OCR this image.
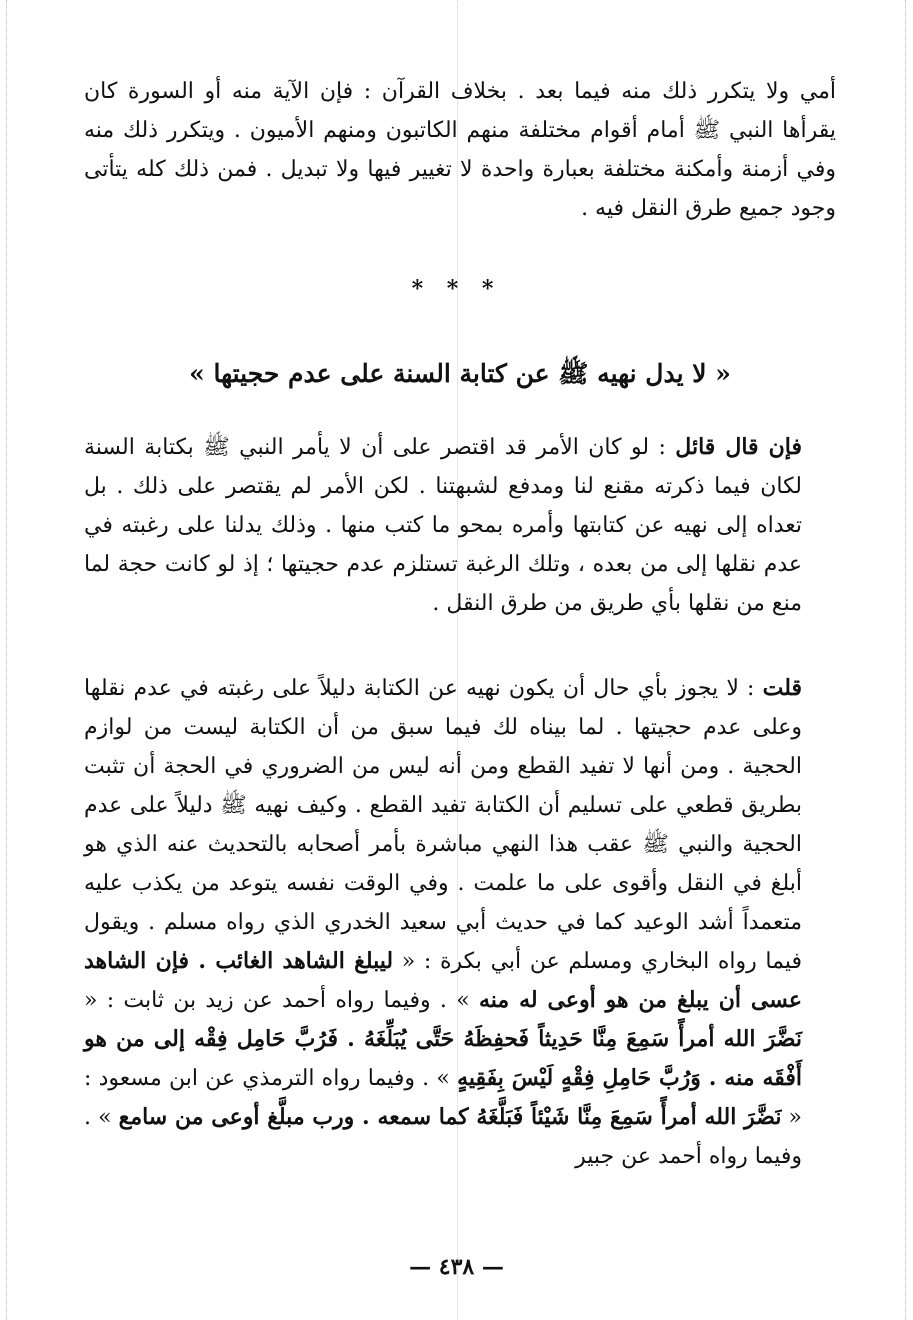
أمي ولا يتكرر ذلك منه فيما بعد . بخلاف القرآن : فإن الآية منه أو السورة كان يقرأها النبي ﷺ أمام أقوام مختلفة منهم الكاتبون ومنهم الأميون . ويتكرر ذلك منه وفي أزمنة وأمكنة مختلفة بعبارة واحدة لا تغيير فيها ولا تبديل . فمن ذلك كله يتأتى وجود جميع طرق النقل فيه .

* * *
« لا يدل نهيه ﷺ عن كتابة السنة على عدم حجيتها »

فإن قال قائل : لو كان الأمر قد اقتصر على أن لا يأمر النبي ﷺ بكتابة السنة لكان فيما ذكرته مقنع لنا ومدفع لشبهتنا . لكن الأمر لم يقتصر على ذلك . بل تعداه إلى نهيه عن كتابتها وأمره بمحو ما كتب منها . وذلك يدلنا على رغبته في عدم نقلها إلى من بعده ، وتلك الرغبة تستلزم عدم حجيتها ؛ إذ لو كانت حجة لما منع من نقلها بأي طريق من طرق النقل .

قلت : لا يجوز بأي حال أن يكون نهيه عن الكتابة دليلاً على رغبته في عدم نقلها وعلى عدم حجيتها . لما بيناه لك فيما سبق من أن الكتابة ليست من لوازم الحجية . ومن أنها لا تفيد القطع ومن أنه ليس من الضروري في الحجة أن تثبت بطريق قطعي على تسليم أن الكتابة تفيد القطع . وكيف نهيه ﷺ دليلاً على عدم الحجية والنبي ﷺ عقب هذا النهي مباشرة بأمر أصحابه بالتحديث عنه الذي هو أبلغ في النقل وأقوى على ما علمت . وفي الوقت نفسه يتوعد من يكذب عليه متعمداً أشد الوعيد كما في حديث أبي سعيد الخدري الذي رواه مسلم . ويقول فيما رواه البخاري ومسلم عن أبي بكرة : « ليبلغ الشاهد الغائب . فإن الشاهد عسى أن يبلغ من هو أوعى له منه » . وفيما رواه أحمد عن زيد بن ثابت : « نَضَّرَ الله أمرأً سَمِعَ مِنَّا حَدِيثاً فَحفِظَهُ حَتَّى يُبَلِّغَهُ . فَرُبَّ حَامِل فِقْه إلى من هو أَفْقَه منه . وَرُبَّ حَامِلِ فِقْهٍ لَيْسَ بِفَقِيهٍ » . وفيما رواه الترمذي عن ابن مسعود : « نَضَّرَ الله أمرأً سَمِعَ مِنَّا شَيْئاً فَبَلَّغَهُ كما سمعه . ورب مبلَّغ أوعى من سامع » . وفيما رواه أحمد عن جبير

— ٤٣٨ —
